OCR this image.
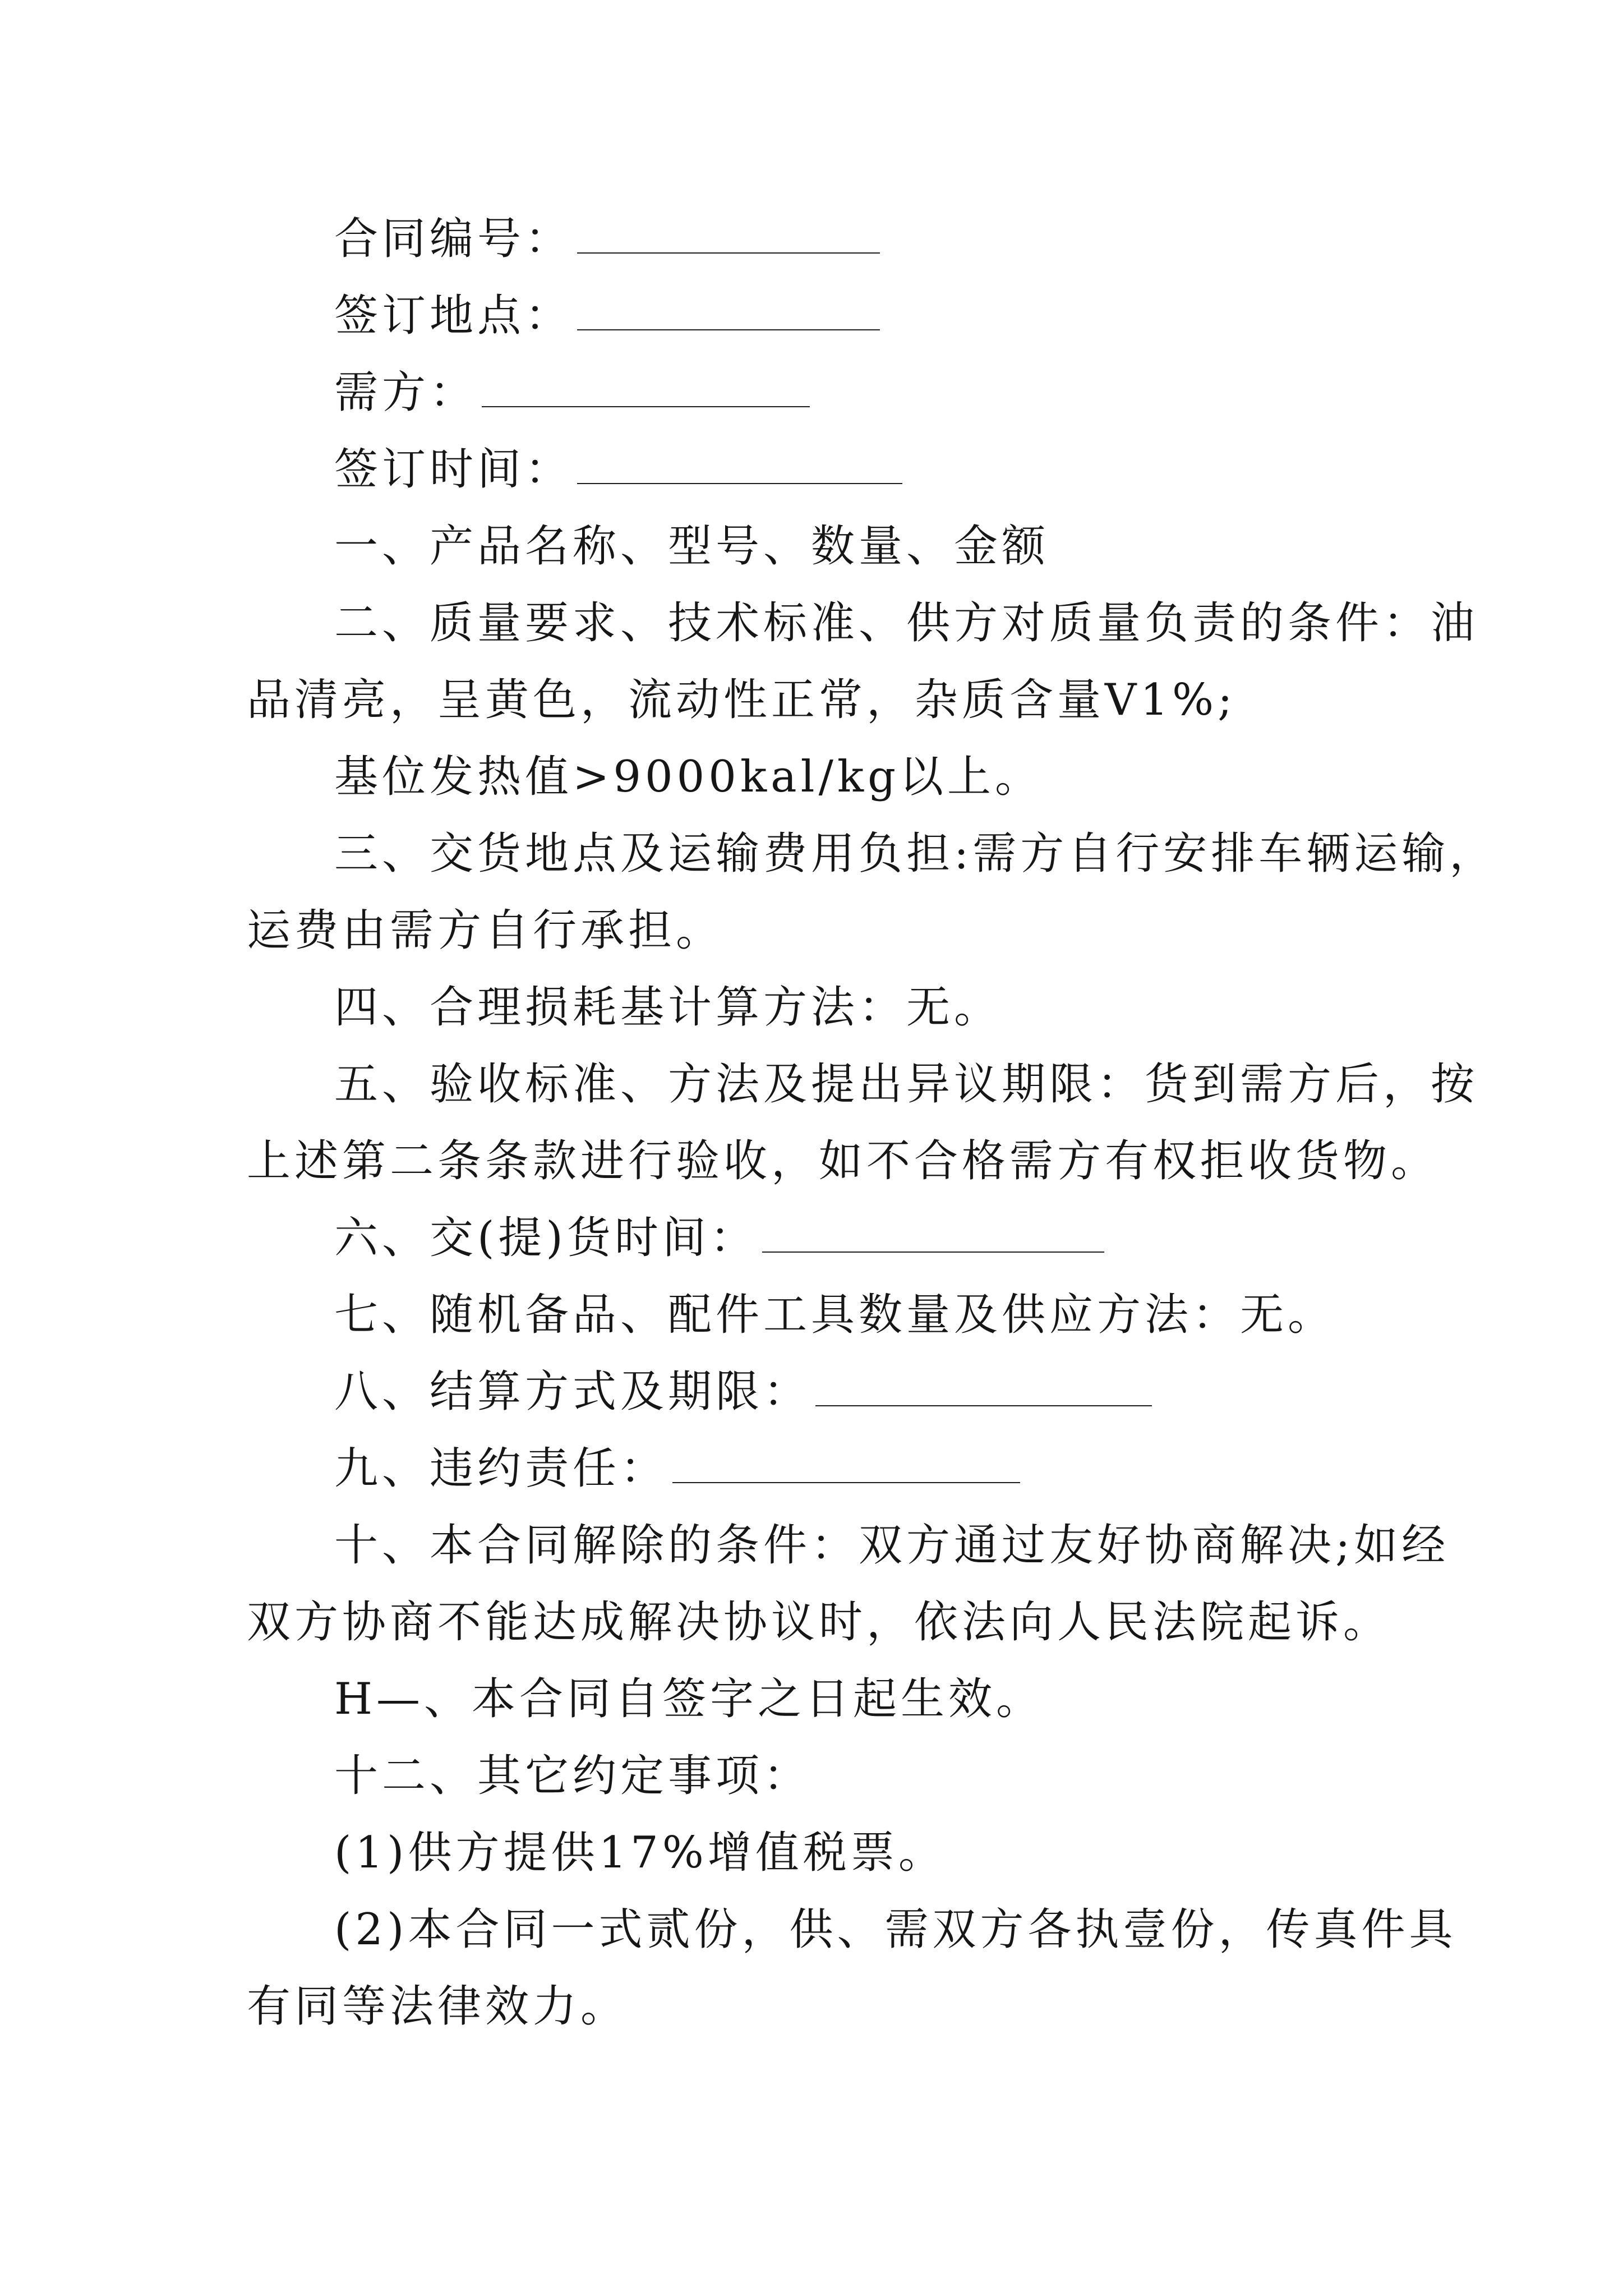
合同编号：
签订地点：
需方：
签订时间：
一、产品名称、型号、数量、金额
二、质量要求、技术标准、供方对质量负责的条件：油
品清亮，呈黄色，流动性正常，杂质含量V1%;
基位发热值>9000kal/kg以上。
三、交货地点及运输费用负担:需方自行安排车辆运输，
运费由需方自行承担。
四、合理损耗基计算方法：无。
五、验收标准、方法及提出异议期限：货到需方后，按
上述第二条条款进行验收，如不合格需方有权拒收货物。
六、交(提)货时间：
七、随机备品、配件工具数量及供应方法：无。
八、结算方式及期限：
九、违约责任：
十、本合同解除的条件：双方通过友好协商解决;如经
双方协商不能达成解决协议时，依法向人民法院起诉。
H—、本合同自签字之日起生效。
十二、其它约定事项：
(1)供方提供17%增值税票。
(2)本合同一式贰份，供、需双方各执壹份，传真件具
有同等法律效力。
